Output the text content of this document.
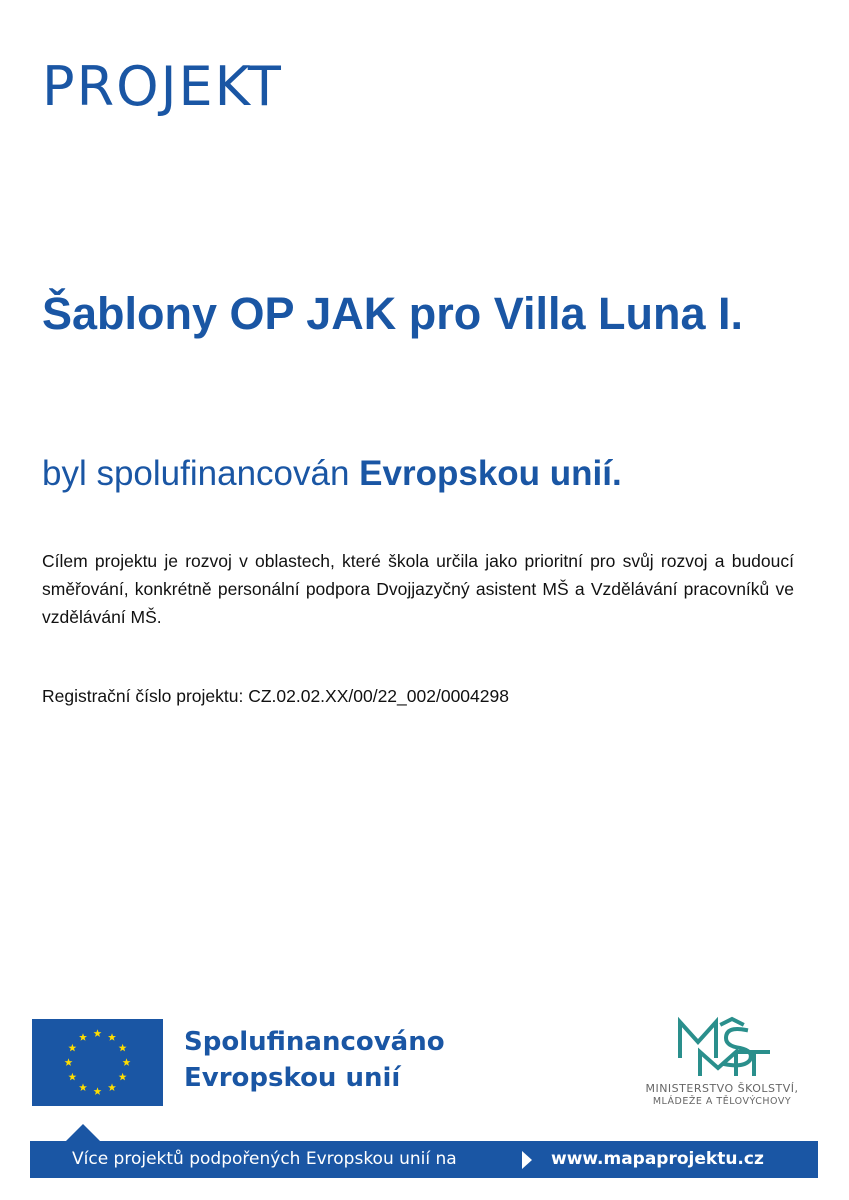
PROJEKT
Šablony OP JAK pro Villa Luna I.

byl spolufinancován Evropskou unií.

Cílem projektu je rozvoj v oblastech, které škola určila jako prioritní pro svůj rozvoj a budoucí směřování, konkrétně personální podpora Dvojjazyčný asistent MŠ a Vzdělávání pracovníků ve vzdělávání MŠ.

Registrační číslo projektu: CZ.02.02.XX/00/22_002/0004298

Spolufinancováno
Evropskou unií	MINISTERSTVO ŠKOLSTVÍ,
MLÁDEŽE A TĚLOVÝCHOVY
Více projektů podpořených Evropskou unií na	www.mapaprojektu.cz
